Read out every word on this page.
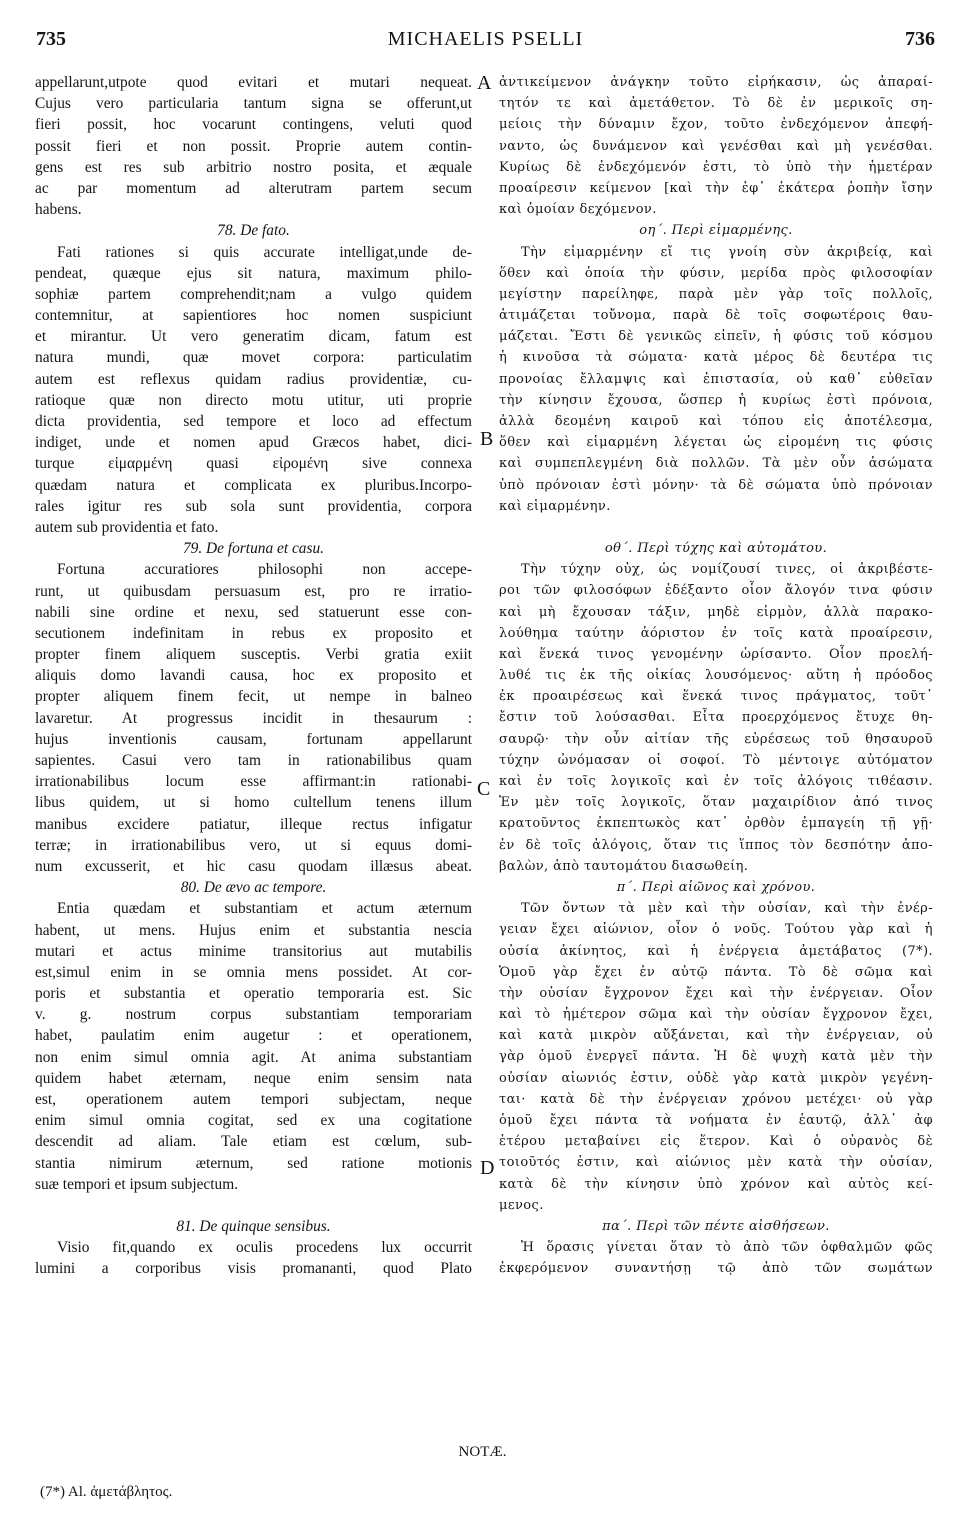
735	MICHAELIS PSELLI	736
appellarunt,utpote quod evitari et mutari nequeat.
Cujus vero particularia tantum signa se offerunt,ut
fieri possit, hoc vocarunt contingens, veluti quod
possit fieri et non possit. Proprie autem contin-
gens est res sub arbitrio nostro posita, et æquale
ac par momentum ad alterutram partem secum
habens.
78. De fato.
Fati rationes si quis accurate intelligat,unde de-
pendeat, quæque ejus sit natura, maximum philo-
sophiæ partem comprehendit;nam a vulgo quidem
contemnitur, at sapientiores hoc nomen suspiciunt
et mirantur. Ut vero generatim dicam, fatum est
natura mundi, quæ movet corpora: particulatim
autem est reflexus quidam radius providentiæ, cu-
ratioque quæ non directo motu utitur, uti proprie
dicta providentia, sed tempore et loco ad effectum
indiget, unde et nomen apud Græcos habet, dici-
turque εἱμαρμένη quasi εἰρομένη sive connexa
quædam natura et complicata ex pluribus.Incorpo-
rales igitur res sub sola sunt providentia, corpora
autem sub providentia et fato.
79. De fortuna et casu.
Fortuna accuratiores philosophi non accepe-
runt, ut quibusdam persuasum est, pro re irratio-
nabili sine ordine et nexu, sed statuerunt esse con-
secutionem indefinitam in rebus ex proposito et
propter finem aliquem susceptis. Verbi gratia exiit
aliquis domo lavandi causa, hoc ex proposito et
propter aliquem finem fecit, ut nempe in balneo
lavaretur. At progressus incidit in thesaurum :
hujus inventionis causam, fortunam appellarunt
sapientes. Casui vero tam in rationabilibus quam
irrationabilibus locum esse affirmant:in rationabi-
libus quidem, ut si homo cultellum tenens illum
manibus excidere patiatur, illeque rectus infigatur
terræ; in irrationabilibus vero, ut si equus domi-
num excusserit, et hic casu quodam illæsus abeat.
80. De ævo ac tempore.
Entia quædam et substantiam et actum æternum
habent, ut mens. Hujus enim et substantia nescia
mutari et actus minime transitorius aut mutabilis
est,simul enim in se omnia mens possidet. At cor-
poris et substantia et operatio temporaria est. Sic
v. g. nostrum corpus substantiam temporariam
habet, paulatim enim augetur : et operationem,
non enim simul omnia agit. At anima substantiam
quidem habet æternam, neque enim sensim nata
est, operationem autem tempori subjectam, neque
enim simul omnia cogitat, sed ex una cogitatione
descendit ad aliam. Tale etiam est cœlum, sub-
stantia nimirum æternum, sed ratione motionis
suæ tempori et ipsum subjectum.
81. De quinque sensibus.
Visio fit,quando ex oculis procedens lux occurrit
lumini a corporibus visis promananti, quod Plato
ἀντικείμενον ἀνάγκην τοῦτο εἰρήκασιν, ὡς ἀπαραί-
τητόν τε καὶ ἀμετάθετον. Τὸ δὲ ἐν μερικοῖς ση-
μείοις τὴν δύναμιν ἔχον, τοῦτο ἐνδεχόμενον ἀπεφή-
ναντο, ὡς δυνάμενον καὶ γενέσθαι καὶ μὴ γενέσθαι.
Κυρίως δὲ ἐνδεχόμενόν ἐστι, τὸ ὑπὸ τὴν ἡμετέραν
προαίρεσιν κείμενον [καὶ τὴν ἐφ᾽ ἑκάτερα ῥοπὴν ἴσην
καὶ ὁμοίαν δεχόμενον.
οη΄. Περὶ εἱμαρμένης.
Τὴν εἱμαρμένην εἴ τις γνοίη σὺν ἀκριβείᾳ, καὶ
ὅθεν καὶ ὁποία τὴν φύσιν, μερίδα πρὸς φιλοσοφίαν
μεγίστην παρείληφε, παρὰ μὲν γὰρ τοῖς πολλοῖς,
ἀτιμάζεται τοὔνομα, παρὰ δὲ τοῖς σοφωτέροις θαυ-
μάζεται. Ἔστι δὲ γενικῶς εἰπεῖν, ἡ φύσις τοῦ κόσμου
ἡ κινοῦσα τὰ σώματα· κατὰ μέρος δὲ δευτέρα τις
προνοίας ἔλλαμψις καὶ ἐπιστασία, οὐ καθ᾽ εὐθεῖαν
τὴν κίνησιν ἔχουσα, ὥσπερ ἡ κυρίως ἐστὶ πρόνοια,
ἀλλὰ δεομένη καιροῦ καὶ τόπου εἰς ἀποτέλεσμα,
ὅθεν καὶ εἱμαρμένη λέγεται ὡς εἰρομένη τις φύσις
καὶ συμπεπλεγμένη διὰ πολλῶν. Τὰ μὲν οὖν ἀσώματα
ὑπὸ πρόνοιαν ἐστὶ μόνην· τὰ δὲ σώματα ὑπὸ πρόνοιαν
καὶ εἱμαρμένην.
οθ΄. Περὶ τύχης καὶ αὐτομάτου.
Τὴν τύχην οὐχ, ὡς νομίζουσί τινες, οἱ ἀκριβέστε-
ροι τῶν φιλοσόφων ἐδέξαντο οἷον ἄλογόν τινα φύσιν
καὶ μὴ ἔχουσαν τάξιν, μηδὲ εἱρμὸν, ἀλλὰ παρακο-
λούθημα ταύτην ἀόριστον ἐν τοῖς κατὰ προαίρεσιν,
καὶ ἕνεκά τινος γενομένην ὡρίσαντο. Οἷον προελή-
λυθέ τις ἐκ τῆς οἰκίας λουσόμενος· αὕτη ἡ πρόοδος
ἐκ προαιρέσεως καὶ ἕνεκά τινος πράγματος, τοῦτ᾽
ἔστιν τοῦ λούσασθαι. Εἶτα προερχόμενος ἔτυχε θη-
σαυρῷ· τὴν οὖν αἰτίαν τῆς εὑρέσεως τοῦ θησαυροῦ
τύχην ὠνόμασαν οἱ σοφοί. Τὸ μέντοιγε αὐτόματον
καὶ ἐν τοῖς λογικοῖς καὶ ἐν τοῖς ἀλόγοις τιθέασιν.
Ἐν μὲν τοῖς λογικοῖς, ὅταν μαχαιρίδιον ἀπό τινος
κρατοῦντος ἐκπεπτωκὸς κατ᾽ ὀρθὸν ἐμπαγείη τῇ γῇ·
ἐν δὲ τοῖς ἀλόγοις, ὅταν τις ἵππος τὸν δεσπότην ἀπο-
βαλὼν, ἀπὸ ταυτομάτου διασωθείη.
π΄. Περὶ αἰῶνος καὶ χρόνου.
Τῶν ὄντων τὰ μὲν καὶ τὴν οὐσίαν, καὶ τὴν ἐνέρ-
γειαν ἔχει αἰώνιον, οἷον ὁ νοῦς. Τούτου γὰρ καὶ ἡ
οὐσία ἀκίνητος, καὶ ἡ ἐνέργεια ἀμετάβατος (7*).
Ὁμοῦ γὰρ ἔχει ἐν αὐτῷ πάντα. Τὸ δὲ σῶμα καὶ
τὴν οὐσίαν ἔγχρονον ἔχει καὶ τὴν ἐνέργειαν. Οἷον
καὶ τὸ ἡμέτερον σῶμα καὶ τὴν οὐσίαν ἔγχρονον ἔχει,
καὶ κατὰ μικρὸν αὔξάνεται, καὶ τὴν ἐνέργειαν, οὐ
γὰρ ὁμοῦ ἐνεργεῖ πάντα. Ἡ δὲ ψυχὴ κατὰ μὲν τὴν
οὐσίαν αἰωνιός ἐστιν, οὐδὲ γὰρ κατὰ μικρὸν γεγένη-
ται· κατὰ δὲ τὴν ἐνέργειαν χρόνου μετέχει· οὐ γὰρ
ὁμοῦ ἔχει πάντα τὰ νοήματα ἐν ἑαυτῷ, ἀλλ᾽ ἀφ
ἑτέρου μεταβαίνει εἰς ἕτερον. Καὶ ὁ οὐρανὸς δὲ
τοιοῦτός ἐστιν, καὶ αἰώνιος μὲν κατὰ τὴν οὐσίαν,
κατὰ δὲ τὴν κίνησιν ὑπὸ χρόνον καὶ αὐτὸς κεί-
μενος.
πα΄. Περὶ τῶν πέντε αἰσθήσεων.
Ἡ ὅρασις γίνεται ὅταν τὸ ἀπὸ τῶν ὀφθαλμῶν φῶς
ἐκφερόμενον συναντήσῃ τῷ ἀπὸ τῶν σωμάτων
A
B
C
D
NOTÆ.
(7*) Al. ἀμετάβλητος.
